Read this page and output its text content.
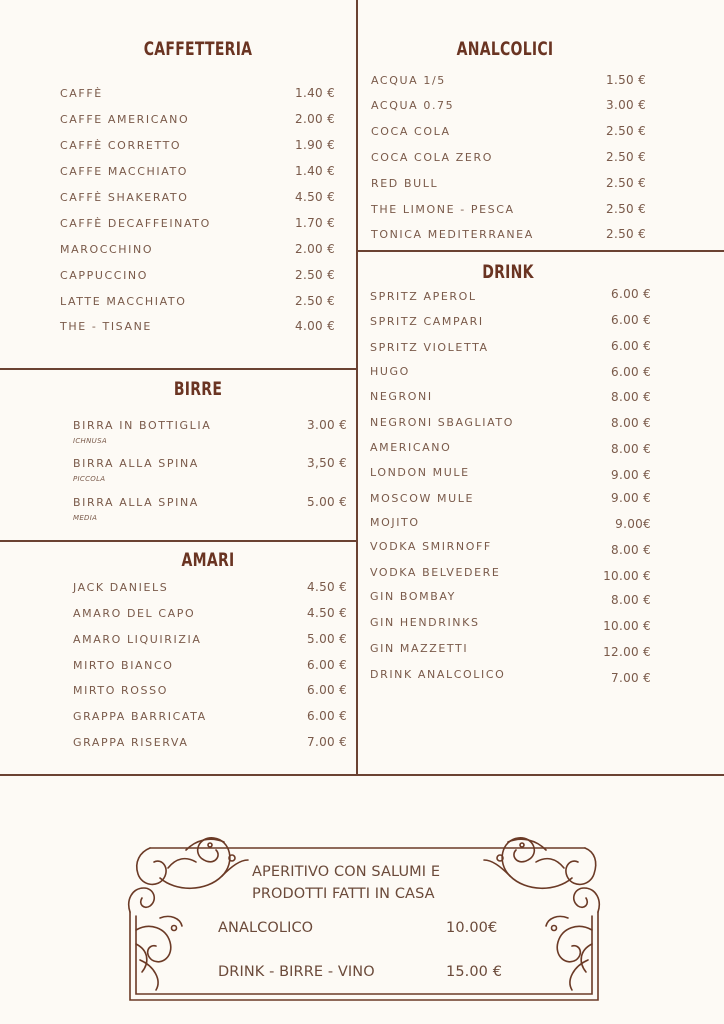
CAFFETTERIA
CAFFÈ	1.40 €
CAFFE AMERICANO	2.00 €
CAFFÈ CORRETTO	1.90 €
CAFFE MACCHIATO	1.40 €
CAFFÈ SHAKERATO	4.50 €
CAFFÈ DECAFFEINATO	1.70 €
MAROCCHINO	2.00 €
CAPPUCCINO	2.50 €
LATTE MACCHIATO	2.50 €
THE - TISANE	4.00 €
BIRRE
BIRRA IN BOTTIGLIA	3.00 €
ICHNUSA
BIRRA ALLA SPINA	3,50 €
PICCOLA
BIRRA ALLA SPINA	5.00 €
MEDIA
AMARI
JACK DANIELS	4.50 €
AMARO DEL CAPO	4.50 €
AMARO LIQUIRIZIA	5.00 €
MIRTO BIANCO	6.00 €
MIRTO ROSSO	6.00 €
GRAPPA BARRICATA	6.00 €
GRAPPA RISERVA	7.00 €
ANALCOLICI
ACQUA 1/5	1.50 €
ACQUA 0.75	3.00 €
COCA COLA	2.50 €
COCA COLA ZERO	2.50 €
RED BULL	2.50 €
THE LIMONE - PESCA	2.50 €
TONICA MEDITERRANEA	2.50 €
DRINK
SPRITZ APEROL	6.00 €
SPRITZ CAMPARI	6.00 €
SPRITZ VIOLETTA	6.00 €
HUGO	6.00 €
NEGRONI	8.00 €
NEGRONI SBAGLIATO	8.00 €
AMERICANO	8.00 €
LONDON MULE	9.00 €
MOSCOW MULE	9.00 €
MOJITO	9.00€
VODKA SMIRNOFF	8.00 €
VODKA BELVEDERE	10.00 €
GIN BOMBAY	8.00 €
GIN HENDRINKS	10.00 €
GIN MAZZETTI	12.00 €
DRINK ANALCOLICO	7.00 €
APERITIVO CON SALUMI E
PRODOTTI FATTI IN CASA
ANALCOLICO	10.00€
DRINK - BIRRE - VINO	15.00 €
